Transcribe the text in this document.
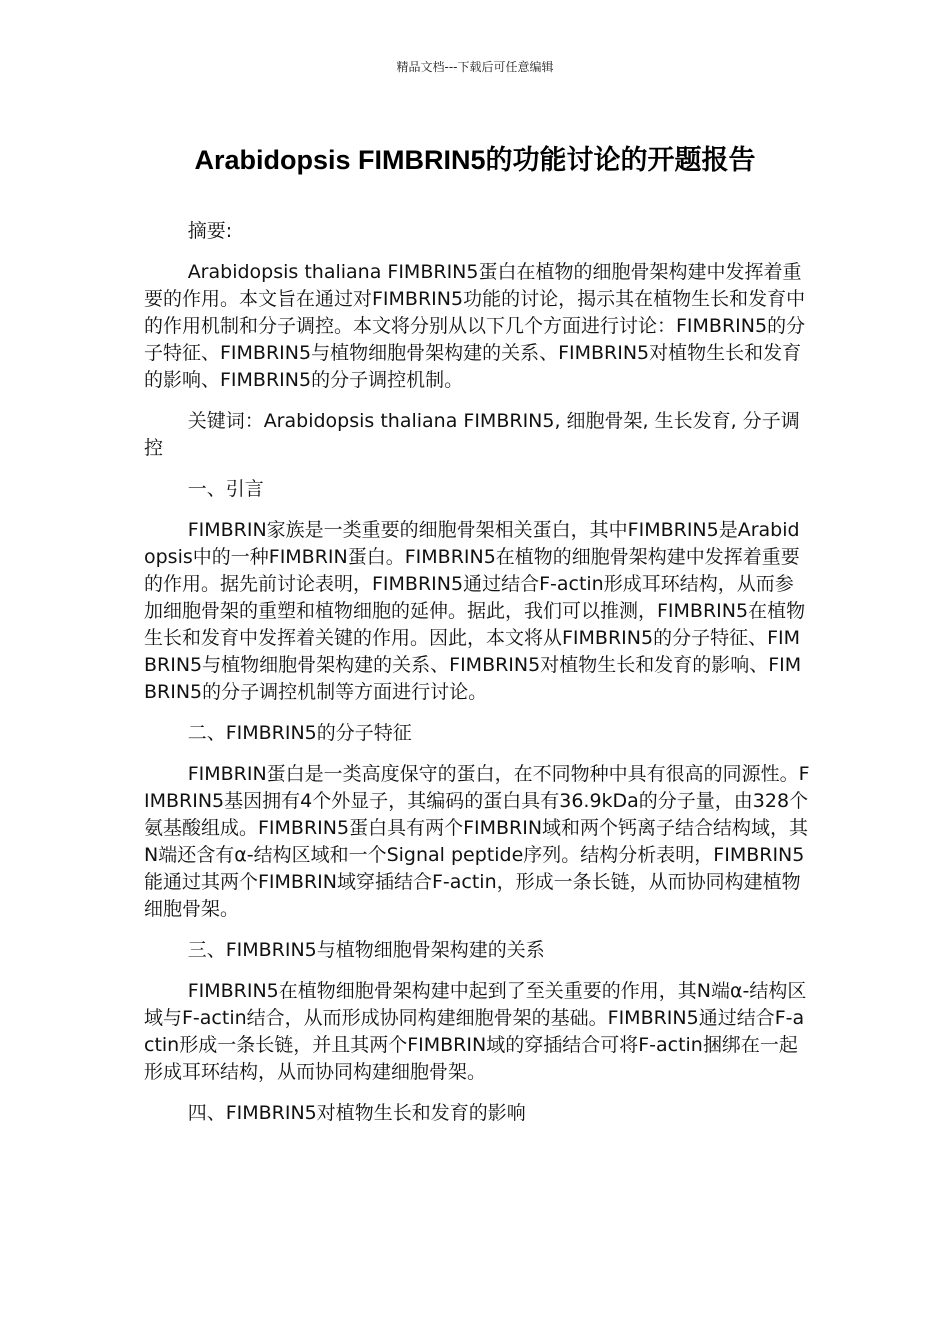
精品文档---下载后可任意编辑
Arabidopsis FIMBRIN5的功能讨论的开题报告

摘要:

Arabidopsis thaliana FIMBRIN5蛋白在植物的细胞骨架构建中发挥着重要的作用。本文旨在通过对FIMBRIN5功能的讨论，揭示其在植物生长和发育中的作用机制和分子调控。本文将分别从以下几个方面进行讨论：FIMBRIN5的分子特征、FIMBRIN5与植物细胞骨架构建的关系、FIMBRIN5对植物生长和发育的影响、FIMBRIN5的分子调控机制。

关键词：Arabidopsis thaliana FIMBRIN5, 细胞骨架, 生长发育, 分子调控

一、引言

FIMBRIN家族是一类重要的细胞骨架相关蛋白，其中FIMBRIN5是Arabidopsis中的一种FIMBRIN蛋白。FIMBRIN5在植物的细胞骨架构建中发挥着重要的作用。据先前讨论表明，FIMBRIN5通过结合F-actin形成耳环结构，从而参加细胞骨架的重塑和植物细胞的延伸。据此，我们可以推测，FIMBRIN5在植物生长和发育中发挥着关键的作用。因此，本文将从FIMBRIN5的分子特征、FIMBRIN5与植物细胞骨架构建的关系、FIMBRIN5对植物生长和发育的影响、FIMBRIN5的分子调控机制等方面进行讨论。

二、FIMBRIN5的分子特征

FIMBRIN蛋白是一类高度保守的蛋白，在不同物种中具有很高的同源性。FIMBRIN5基因拥有4个外显子，其编码的蛋白具有36.9kDa的分子量，由328个氨基酸组成。FIMBRIN5蛋白具有两个FIMBRIN域和两个钙离子结合结构域，其N端还含有α-结构区域和一个Signal peptide序列。结构分析表明，FIMBRIN5能通过其两个FIMBRIN域穿插结合F-actin，形成一条长链，从而协同构建植物细胞骨架。

三、FIMBRIN5与植物细胞骨架构建的关系

FIMBRIN5在植物细胞骨架构建中起到了至关重要的作用，其N端α-结构区域与F-actin结合，从而形成协同构建细胞骨架的基础。FIMBRIN5通过结合F-actin形成一条长链，并且其两个FIMBRIN域的穿插结合可将F-actin捆绑在一起形成耳环结构，从而协同构建细胞骨架。

四、FIMBRIN5对植物生长和发育的影响
